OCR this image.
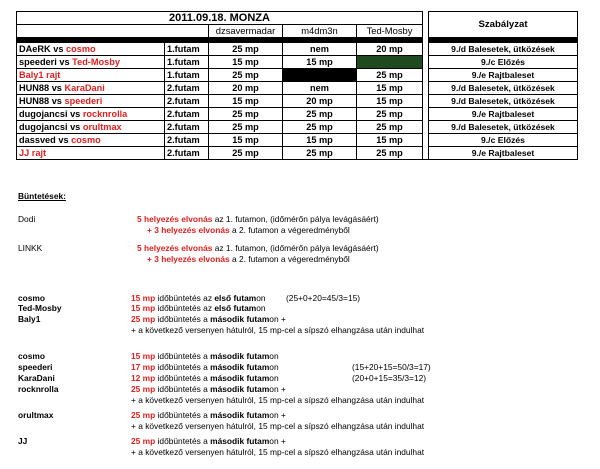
2011.09.18. MONZA						Szabályzat
		dzsavermadar	m4dm3n	Ted-Mosby		

DAeRK vs cosmo	1.futam	25 mp	nem	20 mp		9./d Balesetek, ütközések
speederi vs Ted-Mosby	1.futam	15 mp	15 mp			9./c Előzés
Baly1 rajt	1.futam	25 mp		25 mp		9./e Rajtbaleset
HUN88 vs KaraDani	2.futam	20 mp	nem	15 mp		9./d Balesetek, ütközések
HUN88 vs speederi	2.futam	15 mp	20 mp	15 mp		9./d Balesetek, ütközések
dugojancsi vs rocknrolla	2.futam	25 mp	25 mp	25 mp		9./e Rajtbaleset
dugojancsi vs orultmax	2.futam	25 mp	25 mp	25 mp		9./d Balesetek, ütközések
dassved vs cosmo	2.futam	15 mp	15 mp	15 mp		9./c Előzés
JJ rajt	2.futam	25 mp	25 mp	25 mp		9./e Rajtbaleset
Büntetések:
Dodi	5 helyezés elvonás az 1. futamon, (időmérőn pálya levágásáért)
+ 3 helyezés elvonás a 2. futamon a végeredményből
LINKK	5 helyezés elvonás az 1. futamon, (időmérőn pálya levágásáért)
+ 3 helyezés elvonás a 2. futamon a végeredményből
cosmo	15 mp időbüntetés az első futamon (25+0+20=45/3=15)
Ted-Mosby	15 mp időbüntetés az első futamon
Baly1	25 mp időbüntetés a második futamon +
+ a következő versenyen hátulról, 15 mp-cel a sípszó elhangzása után indulhat
cosmo	15 mp időbüntetés a második futamon
speederi	17 mp időbüntetés a második futamon	(15+20+15=50/3=17)
KaraDani	12 mp időbüntetés a második futamon	(20+0+15=35/3=12)
rocknrolla	25 mp időbüntetés a második futamon +
+ a következő versenyen hátulról, 15 mp-cel a sípszó elhangzása után indulhat
orultmax	25 mp időbüntetés a második futamon +
+ a következő versenyen hátulról, 15 mp-cel a sípszó elhangzása után indulhat
JJ	25 mp időbüntetés a második futamon +
+ a következő versenyen hátulról, 15 mp-cel a sípszó elhangzása után indulhat
